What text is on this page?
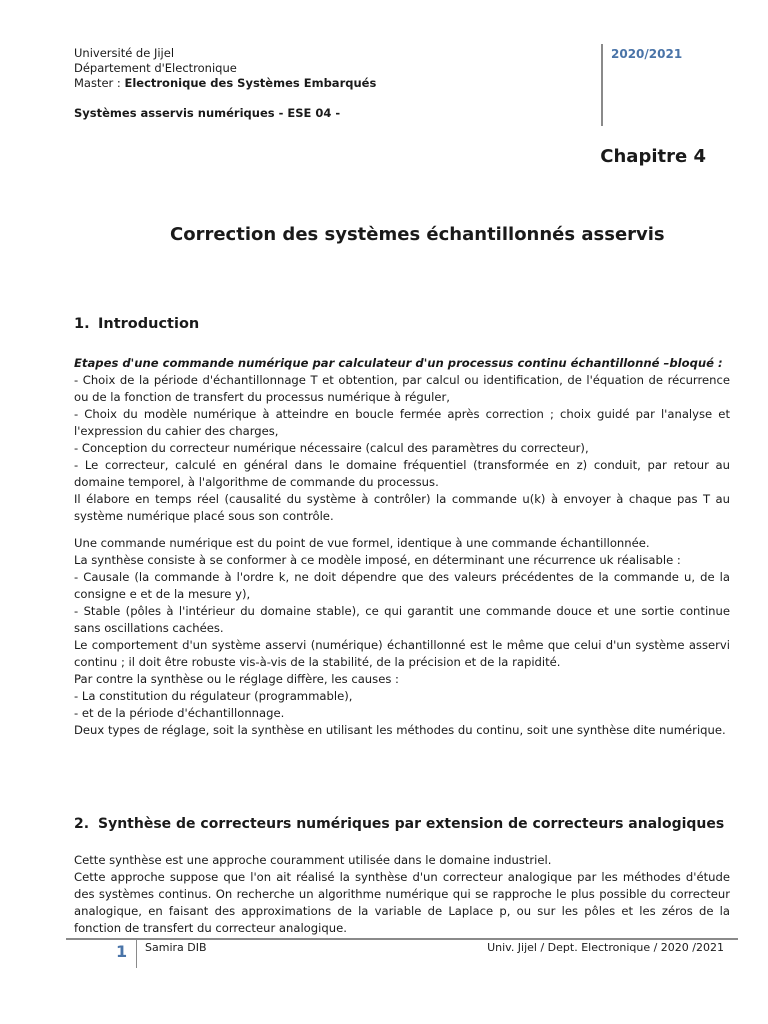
Université de Jijel
Département d'Electronique
Master : Electronique des Systèmes Embarqués
Systèmes asservis numériques - ESE 04 -
2020/2021
Chapitre 4
Correction des systèmes échantillonnés asservis
1. Introduction

Etapes d'une commande numérique par calculateur d'un processus continu échantillonné –bloqué :

- Choix de la période d'échantillonnage T et obtention, par calcul ou identification, de l'équation de récurrence ou de la fonction de transfert du processus numérique à réguler,

- Choix du modèle numérique à atteindre en boucle fermée après correction ; choix guidé par l'analyse et l'expression du cahier des charges,

- Conception du correcteur numérique nécessaire (calcul des paramètres du correcteur),

- Le correcteur, calculé en général dans le domaine fréquentiel (transformée en z) conduit, par retour au domaine temporel, à l'algorithme de commande du processus.

Il élabore en temps réel (causalité du système à contrôler) la commande u(k) à envoyer à chaque pas T au système numérique placé sous son contrôle.

Une commande numérique est du point de vue formel, identique à une commande échantillonnée.

La synthèse consiste à se conformer à ce modèle imposé, en déterminant une récurrence uk réalisable :

- Causale (la commande à l'ordre k, ne doit dépendre que des valeurs précédentes de la commande u, de la consigne e et de la mesure y),

- Stable (pôles à l'intérieur du domaine stable), ce qui garantit une commande douce et une sortie continue sans oscillations cachées.

Le comportement d'un système asservi (numérique) échantillonné est le même que celui d'un système asservi continu ; il doit être robuste vis-à-vis de la stabilité, de la précision et de la rapidité.

Par contre la synthèse ou le réglage diffère, les causes :

- La constitution du régulateur (programmable),

- et de la période d'échantillonnage.

Deux types de réglage, soit la synthèse en utilisant les méthodes du continu, soit une synthèse dite numérique.

2. Synthèse de correcteurs numériques par extension de correcteurs analogiques

Cette synthèse est une approche couramment utilisée dans le domaine industriel.

Cette approche suppose que l'on ait réalisé la synthèse d'un correcteur analogique par les méthodes d'étude des systèmes continus. On recherche un algorithme numérique qui se rapproche le plus possible du correcteur analogique, en faisant des approximations de la variable de Laplace p, ou sur les pôles et les zéros de la fonction de transfert du correcteur analogique.

1 Samira DIB	Univ. Jijel / Dept. Electronique / 2020 /2021
